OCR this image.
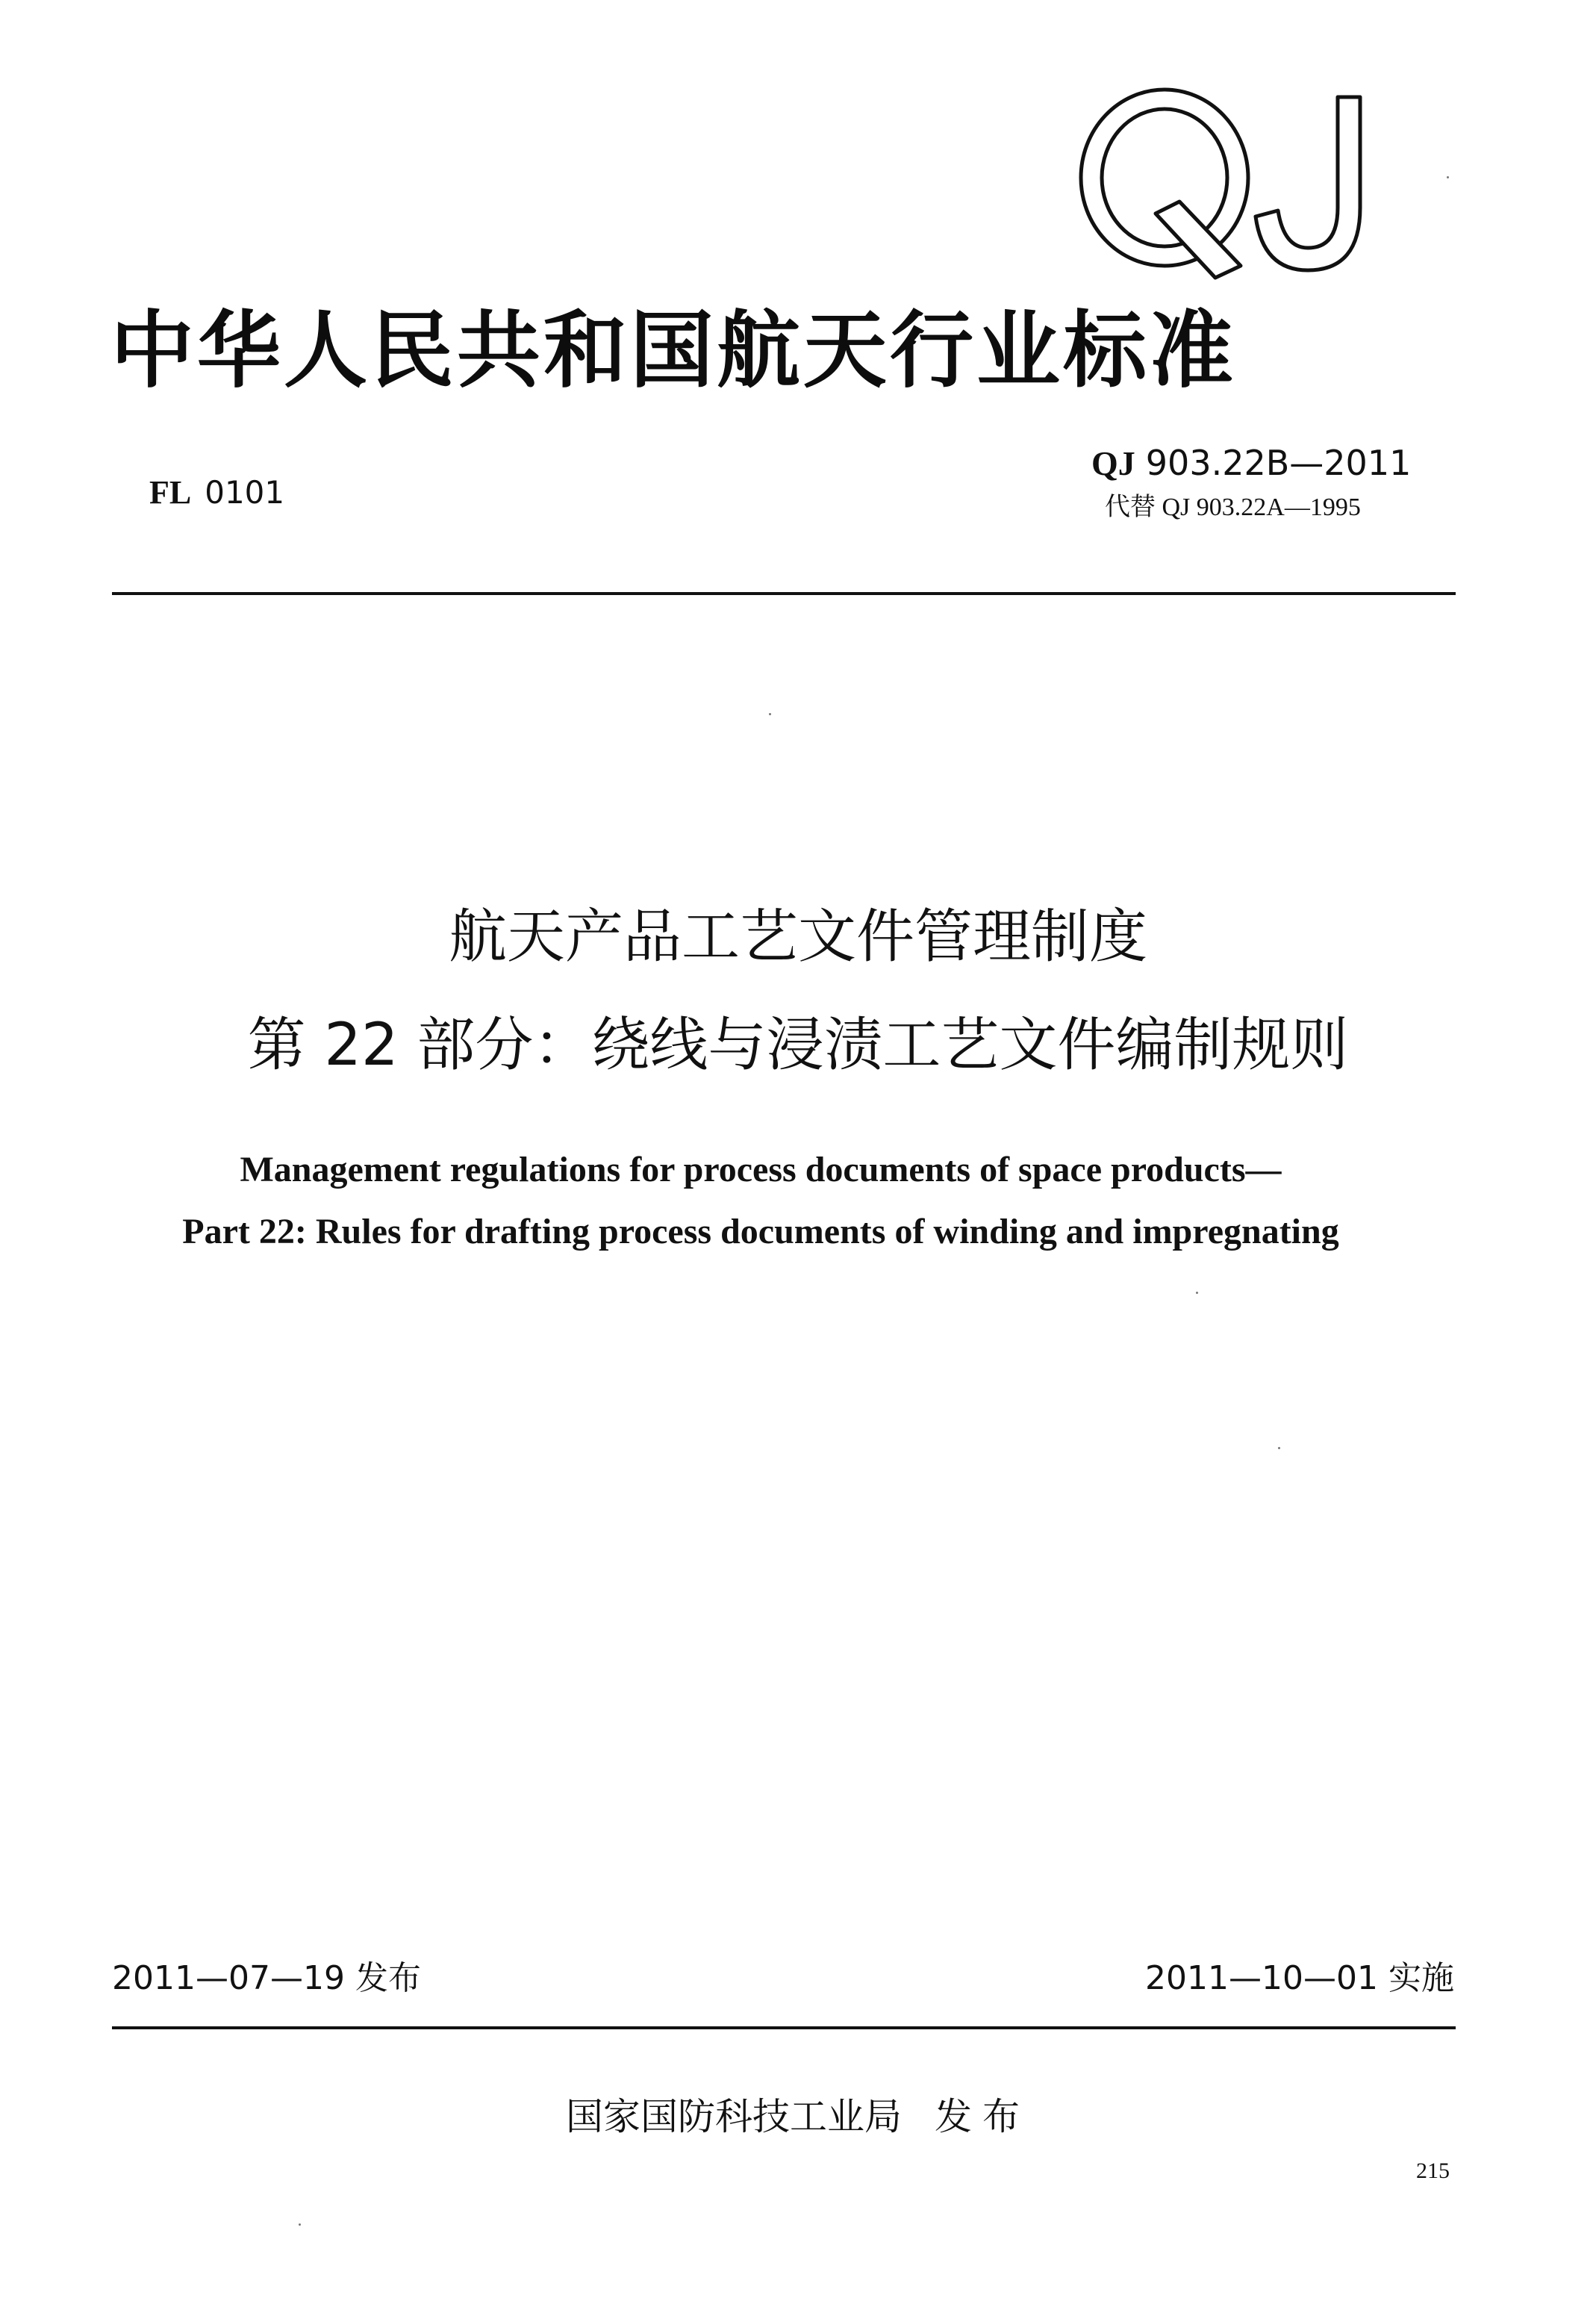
中华人民共和国航天行业标准
FL 0101
QJ 903.22B—2011
代替 QJ 903.22A—1995
航天产品工艺文件管理制度
第 22 部分：绕线与浸渍工艺文件编制规则
Management regulations for process documents of space products—
Part 22: Rules for drafting process documents of winding and impregnating
2011—07—19 发布	2011—10—01 实施
国家国防科技工业局 发布
215
